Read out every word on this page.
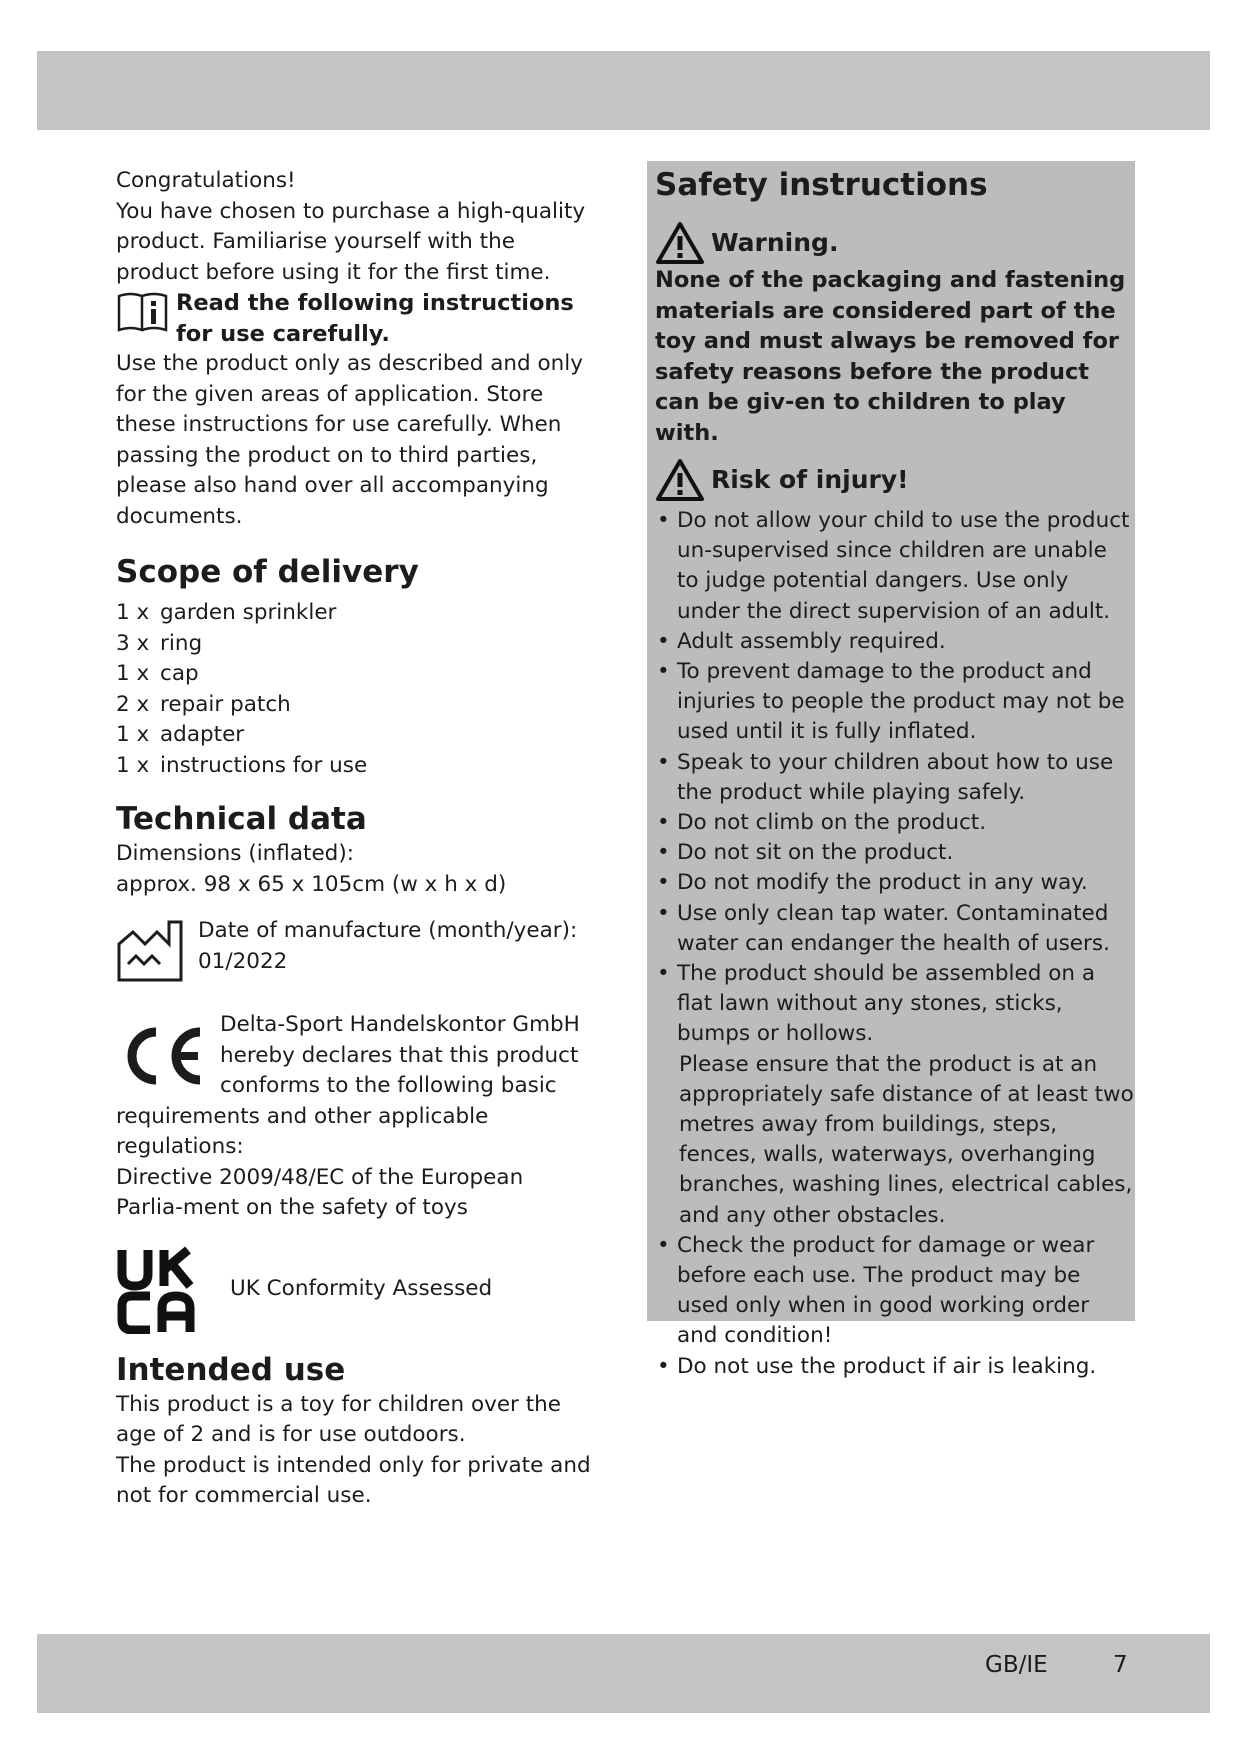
Congratulations!

You have chosen to purchase a high-quality product. Familiarise yourself with the product before using it for the first time.

Read the following instructions for use carefully.

Use the product only as described and only for the given areas of application. Store these instructions for use carefully. When passing the product on to third parties, please also hand over all accompanying documents.

Scope of delivery
1 x garden sprinkler
3 x ring
1 x cap
2 x repair patch
1 x adapter
1 x instructions for use
Technical data

Dimensions (inflated):

approx. 98 x 65 x 105cm (w x h x d)

Date of manufacture (month/year):

01/2022

Delta-Sport Handelskontor GmbH hereby declares that this product conforms to the following basic

requirements and other applicable regulations:

Directive 2009/48/EC of the European Parlia-ment on the safety of toys

UK Conformity Assessed
Intended use

This product is a toy for children over the age of 2 and is for use outdoors.

The product is intended only for private and not for commercial use.

Safety instructions
Warning.

None of the packaging and fastening materials are considered part of the toy and must always be removed for safety reasons before the product can be giv-en to children to play with.

Risk of injury!
• Do not allow your child to use the product un-supervised since children are unable to judge potential dangers. Use only under the direct supervision of an adult.
• Adult assembly required.
• To prevent damage to the product and injuries to people the product may not be used until it is fully inflated.
• Speak to your children about how to use the product while playing safely.
• Do not climb on the product.
• Do not sit on the product.
• Do not modify the product in any way.
• Use only clean tap water. Contaminated water can endanger the health of users.
• The product should be assembled on a flat lawn without any stones, sticks, bumps or hollows.
Please ensure that the product is at an appropriately safe distance of at least two metres away from buildings, steps, fences, walls, waterways, overhanging branches, washing lines, electrical cables, and any other obstacles.
• Check the product for damage or wear before each use. The product may be used only when in good working order and condition!
• Do not use the product if air is leaking.
GB/IE	7
